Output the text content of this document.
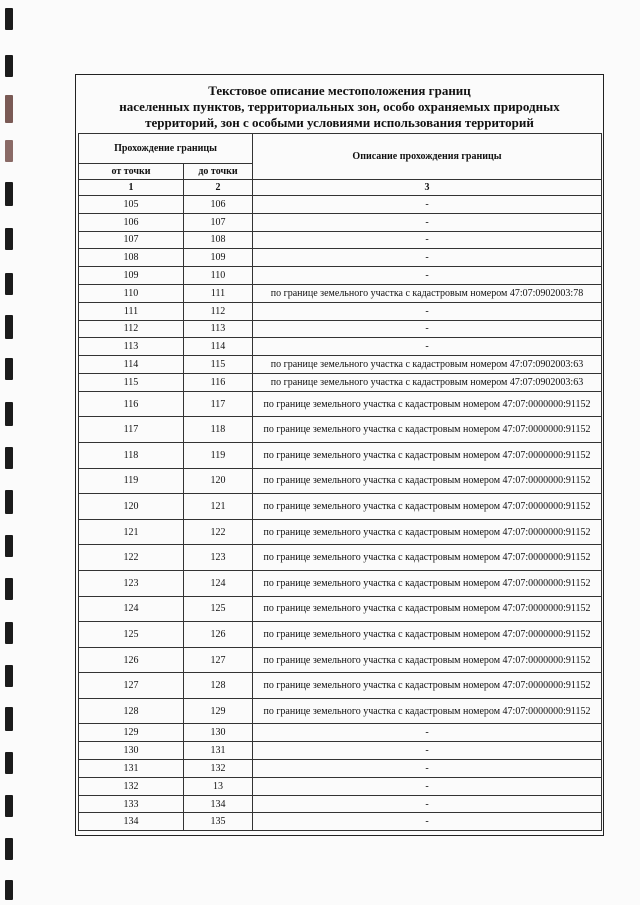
Текстовое описание местоположения границ
населенных пунктов, территориальных зон, особо охраняемых природных
территорий, зон с особыми условиями использования территорий
Прохождение границы		Описание прохождения границы
от точки	до точки	
1	2	3
105	106	-
106	107	-
107	108	-
108	109	-
109	110	-
110	111	по границе земельного участка с кадастровым номером 47:07:0902003:78
111	112	-
112	113	-
113	114	-
114	115	по границе земельного участка с кадастровым номером 47:07:0902003:63
115	116	по границе земельного участка с кадастровым номером 47:07:0902003:63
116	117	по границе земельного участка с кадастровым номером 47:07:0000000:91152
117	118	по границе земельного участка с кадастровым номером 47:07:0000000:91152
118	119	по границе земельного участка с кадастровым номером 47:07:0000000:91152
119	120	по границе земельного участка с кадастровым номером 47:07:0000000:91152
120	121	по границе земельного участка с кадастровым номером 47:07:0000000:91152
121	122	по границе земельного участка с кадастровым номером 47:07:0000000:91152
122	123	по границе земельного участка с кадастровым номером 47:07:0000000:91152
123	124	по границе земельного участка с кадастровым номером 47:07:0000000:91152
124	125	по границе земельного участка с кадастровым номером 47:07:0000000:91152
125	126	по границе земельного участка с кадастровым номером 47:07:0000000:91152
126	127	по границе земельного участка с кадастровым номером 47:07:0000000:91152
127	128	по границе земельного участка с кадастровым номером 47:07:0000000:91152
128	129	по границе земельного участка с кадастровым номером 47:07:0000000:91152
129	130	-
130	131	-
131	132	-
132	13	-
133	134	-
134	135	-
